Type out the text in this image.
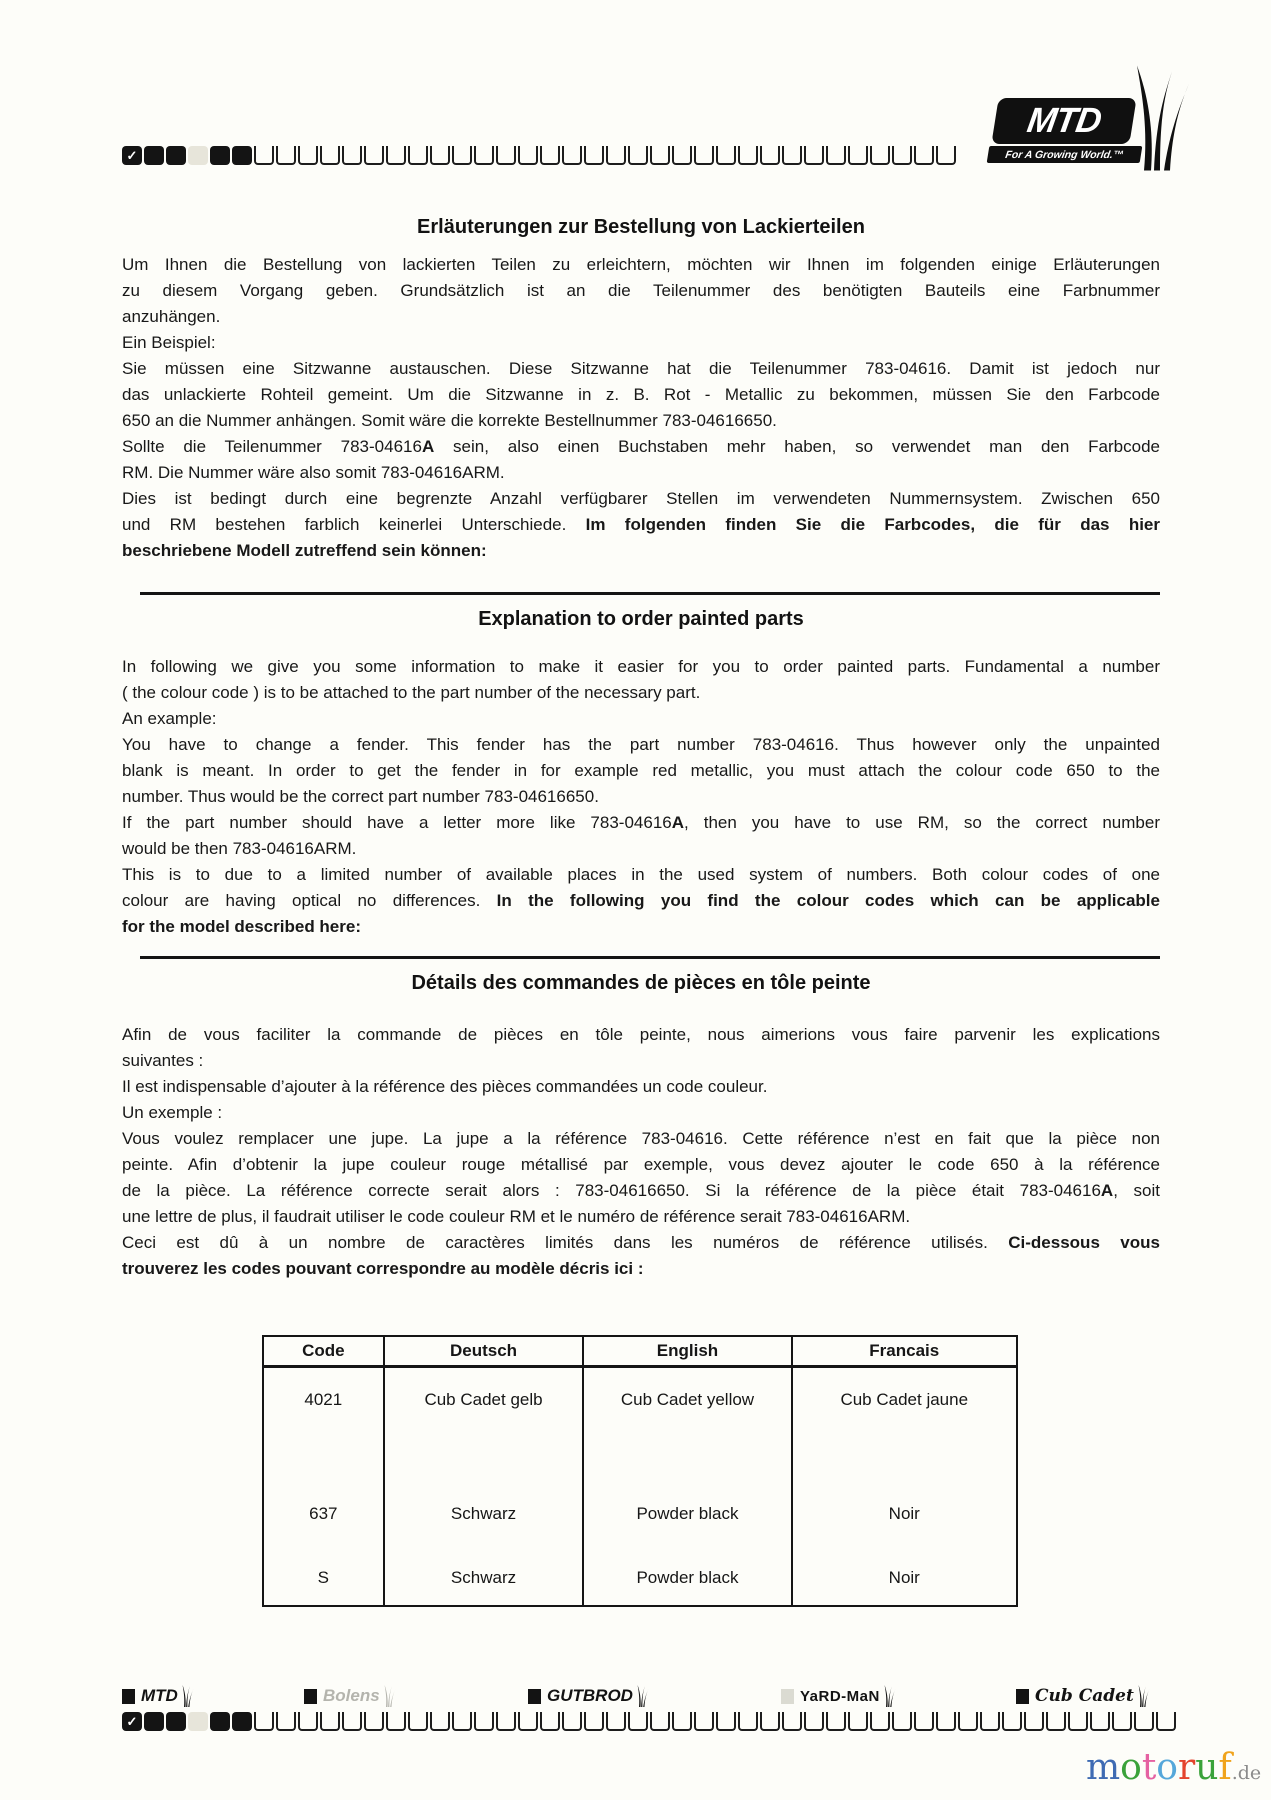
✓
MTD
For A Growing World.™
Erläuterungen zur Bestellung von Lackierteilen
Um Ihnen die Bestellung von lackierten Teilen zu erleichtern, möchten wir Ihnen im folgenden einige Erläuterungen
zu diesem Vorgang geben. Grundsätzlich ist an die Teilenummer des benötigten Bauteils eine Farbnummer
anzuhängen.
Ein Beispiel:
Sie müssen eine Sitzwanne austauschen. Diese Sitzwanne hat die Teilenummer 783-04616. Damit ist jedoch nur
das unlackierte Rohteil gemeint. Um die Sitzwanne in z. B. Rot - Metallic zu bekommen, müssen Sie den Farbcode
650 an die Nummer anhängen. Somit wäre die korrekte Bestellnummer 783-04616650.
Sollte die Teilenummer 783-04616A sein, also einen Buchstaben mehr haben, so verwendet man den Farbcode
RM. Die Nummer wäre also somit 783-04616ARM.
Dies ist bedingt durch eine begrenzte Anzahl verfügbarer Stellen im verwendeten Nummernsystem. Zwischen 650
und RM bestehen farblich keinerlei Unterschiede. Im folgenden finden Sie die Farbcodes, die für das hier
beschriebene Modell zutreffend sein können:
Explanation to order painted parts
In following we give you some information to make it easier for you to order painted parts. Fundamental a number
( the colour code ) is to be attached to the part number of the necessary part.
An example:
You have to change a fender. This fender has the part number 783-04616. Thus however only the unpainted
blank is meant. In order to get the fender in for example red metallic, you must attach the colour code 650 to the
number. Thus would be the correct part number 783-04616650.
If the part number should have a letter more like 783-04616A, then you have to use RM, so the correct number
would be then 783-04616ARM.
This is to due to a limited number of available places in the used system of numbers. Both colour codes of one
colour are having optical no differences. In the following you find the colour codes which can be applicable
for the model described here:
Détails des commandes de pièces en tôle peinte
Afin de vous faciliter la commande de pièces en tôle peinte, nous aimerions vous faire parvenir les explications
suivantes :
Il est indispensable d’ajouter à la référence des pièces commandées un code couleur.
Un exemple :
Vous voulez remplacer une jupe. La jupe a la référence 783-04616. Cette référence n’est en fait que la pièce non
peinte. Afin d’obtenir la jupe couleur rouge métallisé par exemple, vous devez ajouter le code 650 à la référence
de la pièce. La référence correcte serait alors : 783-04616650. Si la référence de la pièce était 783-04616A, soit
une lettre de plus, il faudrait utiliser le code couleur RM et le numéro de référence serait 783-04616ARM.
Ceci est dû à un nombre de caractères limités dans les numéros de référence utilisés. Ci-dessous vous
trouverez les codes pouvant correspondre au modèle décris ici :
Code	Deutsch	English	Francais
4021	Cub Cadet gelb	Cub Cadet yellow	Cub Cadet jaune
637	Schwarz	Powder black	Noir
S	Schwarz	Powder black	Noir
MTD	Bolens	GUTBROD	YaRD-MaN	Cub Cadet
✓
motoruf.de
